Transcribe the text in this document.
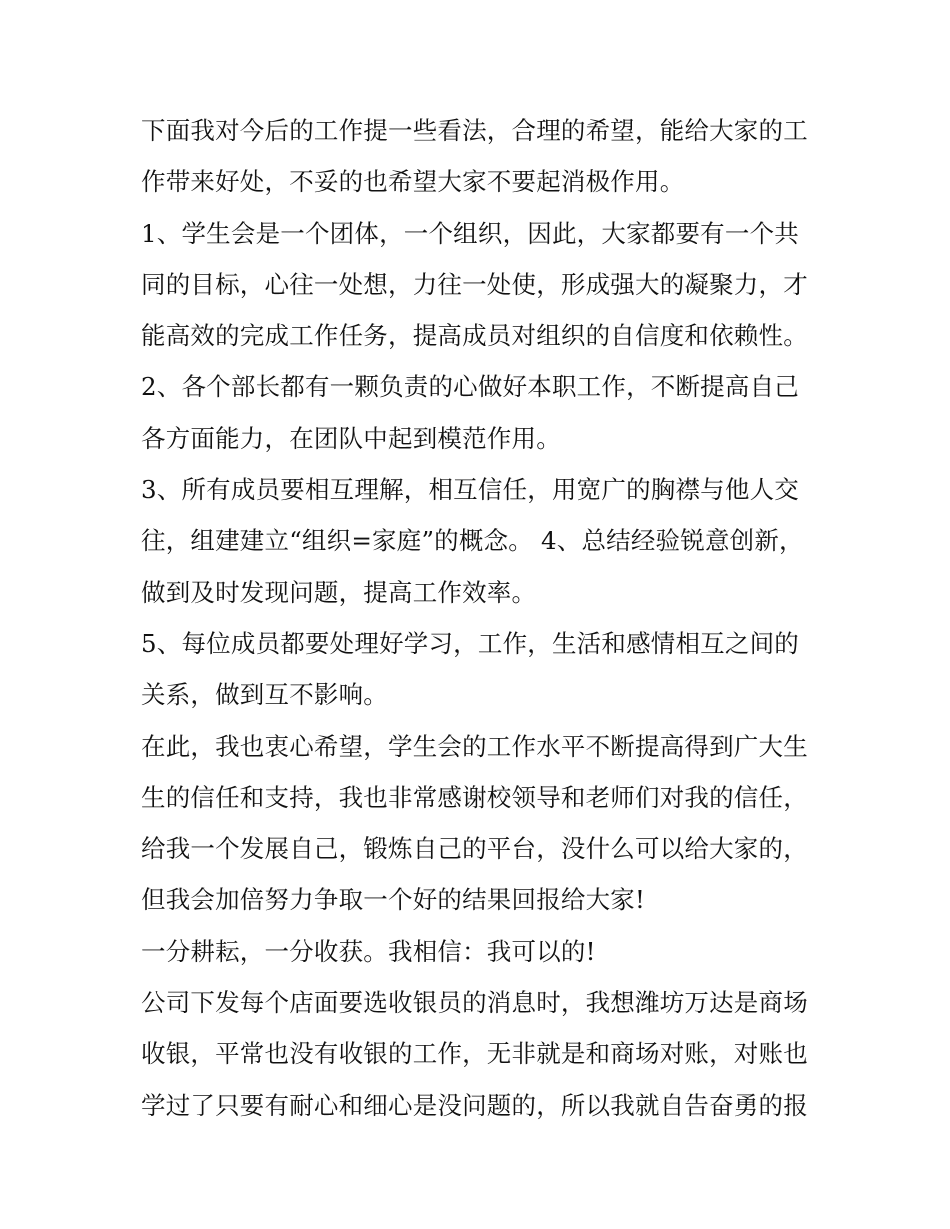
下面我对今后的工作提一些看法，合理的希望，能给大家的工
作带来好处，不妥的也希望大家不要起消极作用。
1、学生会是一个团体，一个组织，因此，大家都要有一个共
同的目标，心往一处想，力往一处使，形成强大的凝聚力，才
能高效的完成工作任务，提高成员对组织的自信度和依赖性。
2、各个部长都有一颗负责的心做好本职工作，不断提高自己
各方面能力，在团队中起到模范作用。
3、所有成员要相互理解，相互信任，用宽广的胸襟与他人交
往，组建建立“组织=家庭”的概念。 4、总结经验锐意创新，
做到及时发现问题，提高工作效率。
5、每位成员都要处理好学习，工作，生活和感情相互之间的
关系，做到互不影响。
在此，我也衷心希望，学生会的工作水平不断提高得到广大生
生的信任和支持，我也非常感谢校领导和老师们对我的信任，
给我一个发展自己，锻炼自己的平台，没什么可以给大家的，
但我会加倍努力争取一个好的结果回报给大家!
一分耕耘，一分收获。我相信：我可以的!
公司下发每个店面要选收银员的消息时，我想潍坊万达是商场
收银，平常也没有收银的工作，无非就是和商场对账，对账也
学过了只要有耐心和细心是没问题的，所以我就自告奋勇的报
